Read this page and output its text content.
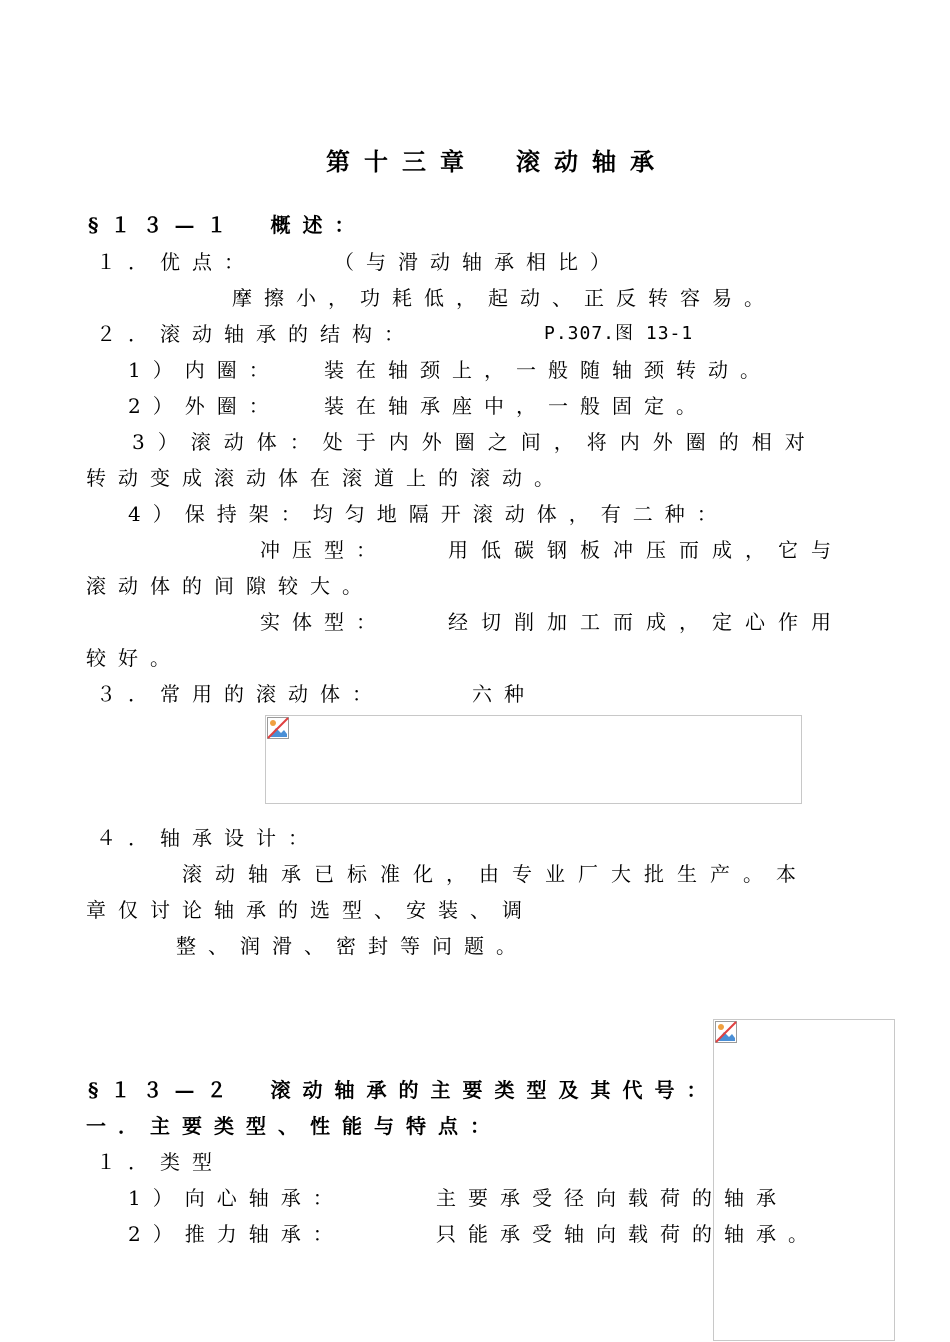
第十三章　滚动轴承
§１３—１　概述：
１．优点：	（与滑动轴承相比）
摩擦小，功耗低，起动、正反转容易。
２．滚动轴承的结构：	P.307.图 13-1
1）内圈： 装在轴颈上，一般随轴颈转动。
2）外圈： 装在轴承座中，一般固定。
3）滚动体：处于内外圈之间，将内外圈的相对
转动变成滚动体在滚道上的滚动。
4）保持架：均匀地隔开滚动体，有二种：
冲压型：	用低碳钢板冲压而成，它与
滚动体的间隙较大。
实体型：	经切削加工而成，定心作用
较好。
３．常用的滚动体：	六种
４．轴承设计：
滚动轴承已标准化，由专业厂大批生产。本
章仅讨论轴承的选型、安装、调
整、润滑、密封等问题。
§１３—２　滚动轴承的主要类型及其代号：
一．主要类型、性能与特点：
１．类型
1）向心轴承：	主要承受径向载荷的轴承
2）推力轴承：	只能承受轴向载荷的轴承。
